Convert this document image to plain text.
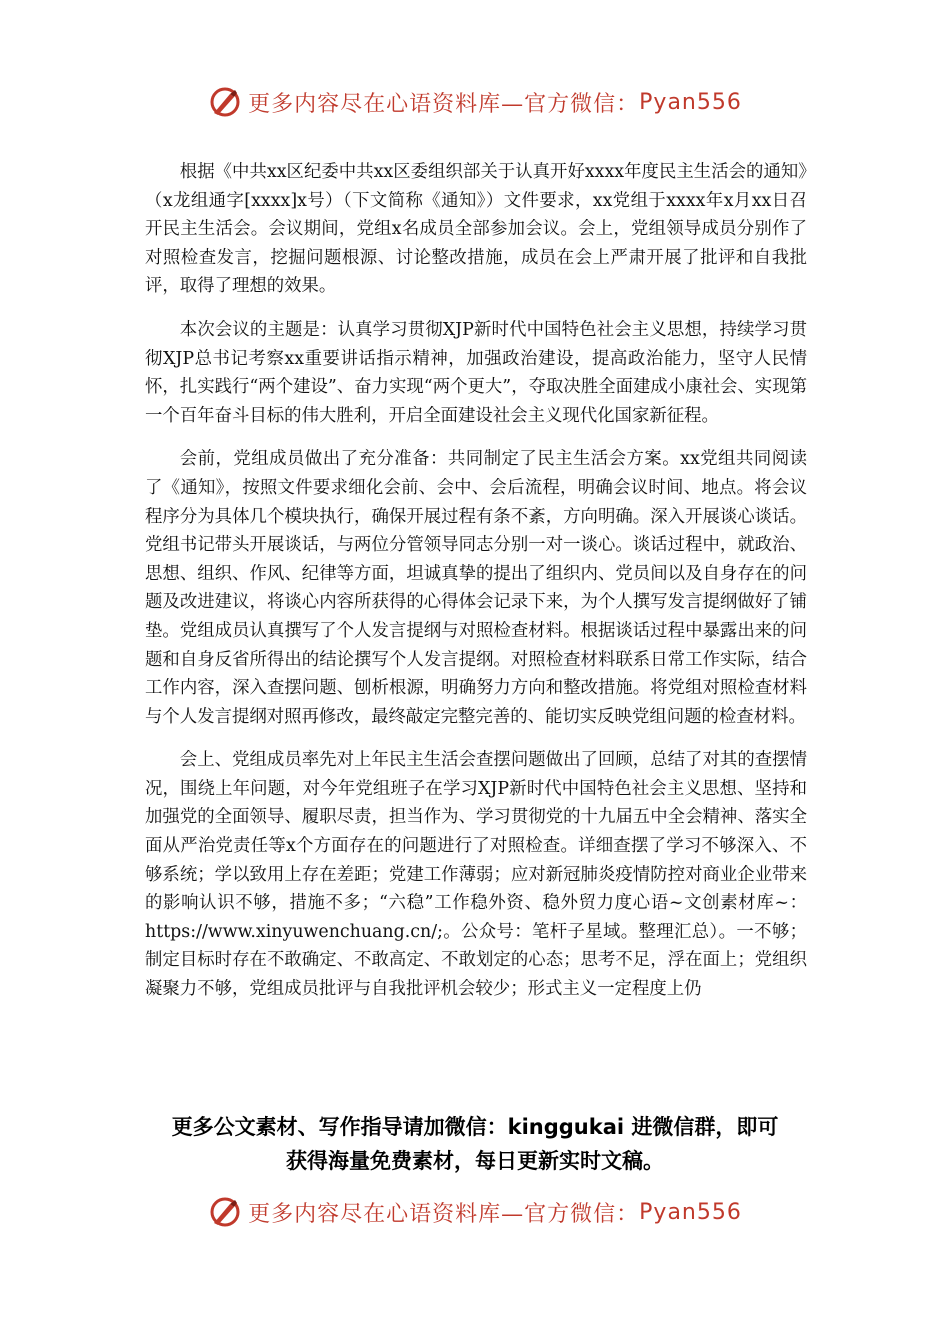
更多内容尽在心语资料库—官方微信： Pyan556

根据《中共xx区纪委中共xx区委组织部关于认真开好xxxx年度民主生活会的通知》（x龙组通字[xxxx]x号）（下文简称《通知》）文件要求，xx党组于xxxx年x月xx日召开民主生活会。会议期间，党组x名成员全部参加会议。会上，党组领导成员分别作了对照检查发言，挖掘问题根源、讨论整改措施，成员在会上严肃开展了批评和自我批评，取得了理想的效果。

本次会议的主题是：认真学习贯彻XJP新时代中国特色社会主义思想，持续学习贯彻XJP总书记考察xx重要讲话指示精神，加强政治建设，提高政治能力，坚守人民情怀，扎实践行“两个建设”、奋力实现“两个更大”，夺取决胜全面建成小康社会、实现第一个百年奋斗目标的伟大胜利，开启全面建设社会主义现代化国家新征程。

会前，党组成员做出了充分准备：共同制定了民主生活会方案。xx党组共同阅读了《通知》，按照文件要求细化会前、会中、会后流程，明确会议时间、地点。将会议程序分为具体几个模块执行，确保开展过程有条不紊，方向明确。深入开展谈心谈话。党组书记带头开展谈话，与两位分管领导同志分别一对一谈心。谈话过程中，就政治、思想、组织、作风、纪律等方面，坦诚真挚的提出了组织内、党员间以及自身存在的问题及改进建议，将谈心内容所获得的心得体会记录下来，为个人撰写发言提纲做好了铺垫。党组成员认真撰写了个人发言提纲与对照检查材料。根据谈话过程中暴露出来的问题和自身反省所得出的结论撰写个人发言提纲。对照检查材料联系日常工作实际，结合工作内容，深入查摆问题、刨析根源，明确努力方向和整改措施。将党组对照检查材料与个人发言提纲对照再修改，最终敲定完整完善的、能切实反映党组问题的检查材料。

会上、党组成员率先对上年民主生活会查摆问题做出了回顾，总结了对其的查摆情况，围绕上年问题，对今年党组班子在学习XJP新时代中国特色社会主义思想、坚持和加强党的全面领导、履职尽责，担当作为、学习贯彻党的十九届五中全会精神、落实全面从严治党责任等x个方面存在的问题进行了对照检查。详细查摆了学习不够深入、不够系统；学以致用上存在差距；党建工作薄弱；应对新冠肺炎疫情防控对商业企业带来的影响认识不够，措施不多；“六稳”工作稳外资、稳外贸力度心语~文创素材库~：https://www.xinyuwenchuang.cn/;。公众号：笔杆子星域。整理汇总）。一不够；制定目标时存在不敢确定、不敢高定、不敢划定的心态；思考不足，浮在面上；党组织凝聚力不够，党组成员批评与自我批评机会较少；形式主义一定程度上仍

更多公文素材、写作指导请加微信：kinggukai 进微信群，即可
获得海量免费素材，每日更新实时文稿。
更多内容尽在心语资料库—官方微信： Pyan556
